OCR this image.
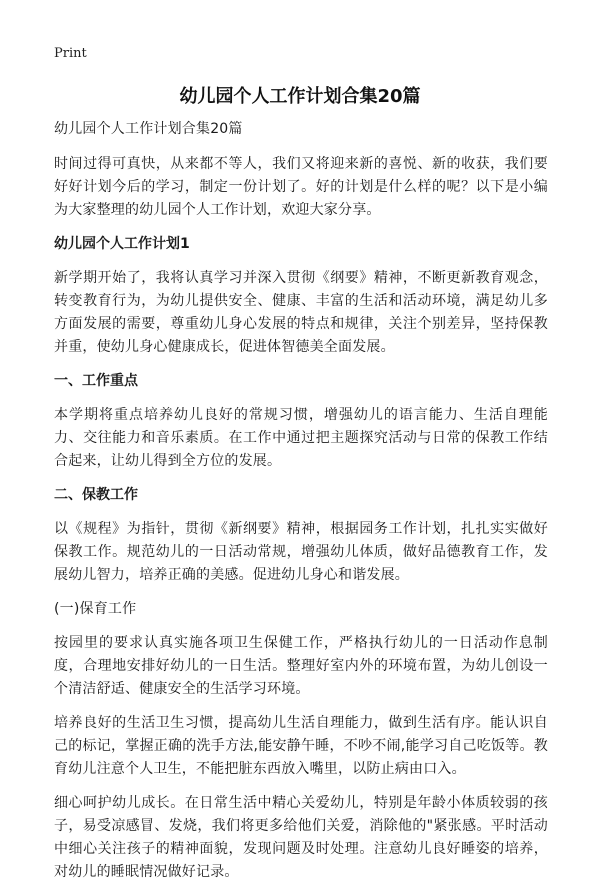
Print
幼儿园个人工作计划合集20篇

幼儿园个人工作计划合集20篇

时间过得可真快，从来都不等人，我们又将迎来新的喜悦、新的收获，我们要好好计划今后的学习，制定一份计划了。好的计划是什么样的呢？以下是小编为大家整理的幼儿园个人工作计划，欢迎大家分享。

幼儿园个人工作计划1

新学期开始了，我将认真学习并深入贯彻《纲要》精神，不断更新教育观念，转变教育行为，为幼儿提供安全、健康、丰富的生活和活动环境，满足幼儿多方面发展的需要，尊重幼儿身心发展的特点和规律，关注个别差异，坚持保教并重，使幼儿身心健康成长，促进体智德美全面发展。

一、工作重点

本学期将重点培养幼儿良好的常规习惯，增强幼儿的语言能力、生活自理能力、交往能力和音乐素质。在工作中通过把主题探究活动与日常的保教工作结合起来，让幼儿得到全方位的发展。

二、保教工作

以《规程》为指针，贯彻《新纲要》精神，根据园务工作计划，扎扎实实做好保教工作。规范幼儿的一日活动常规，增强幼儿体质，做好品德教育工作，发展幼儿智力，培养正确的美感。促进幼儿身心和谐发展。

(一)保育工作

按园里的要求认真实施各项卫生保健工作，严格执行幼儿的一日活动作息制度，合理地安排好幼儿的一日生活。整理好室内外的环境布置，为幼儿创设一个清洁舒适、健康安全的生活学习环境。

培养良好的生活卫生习惯，提高幼儿生活自理能力，做到生活有序。能认识自己的标记，掌握正确的洗手方法,能安静午睡，不吵不闹,能学习自己吃饭等。教育幼儿注意个人卫生，不能把脏东西放入嘴里，以防止病由口入。

细心呵护幼儿成长。在日常生活中精心关爱幼儿，特别是年龄小体质较弱的孩子，易受凉感冒、发烧，我们将更多给他们关爱，消除他的"紧张感。平时活动中细心关注孩子的精神面貌，发现问题及时处理。注意幼儿良好睡姿的培养，对幼儿的睡眠情况做好记录。
